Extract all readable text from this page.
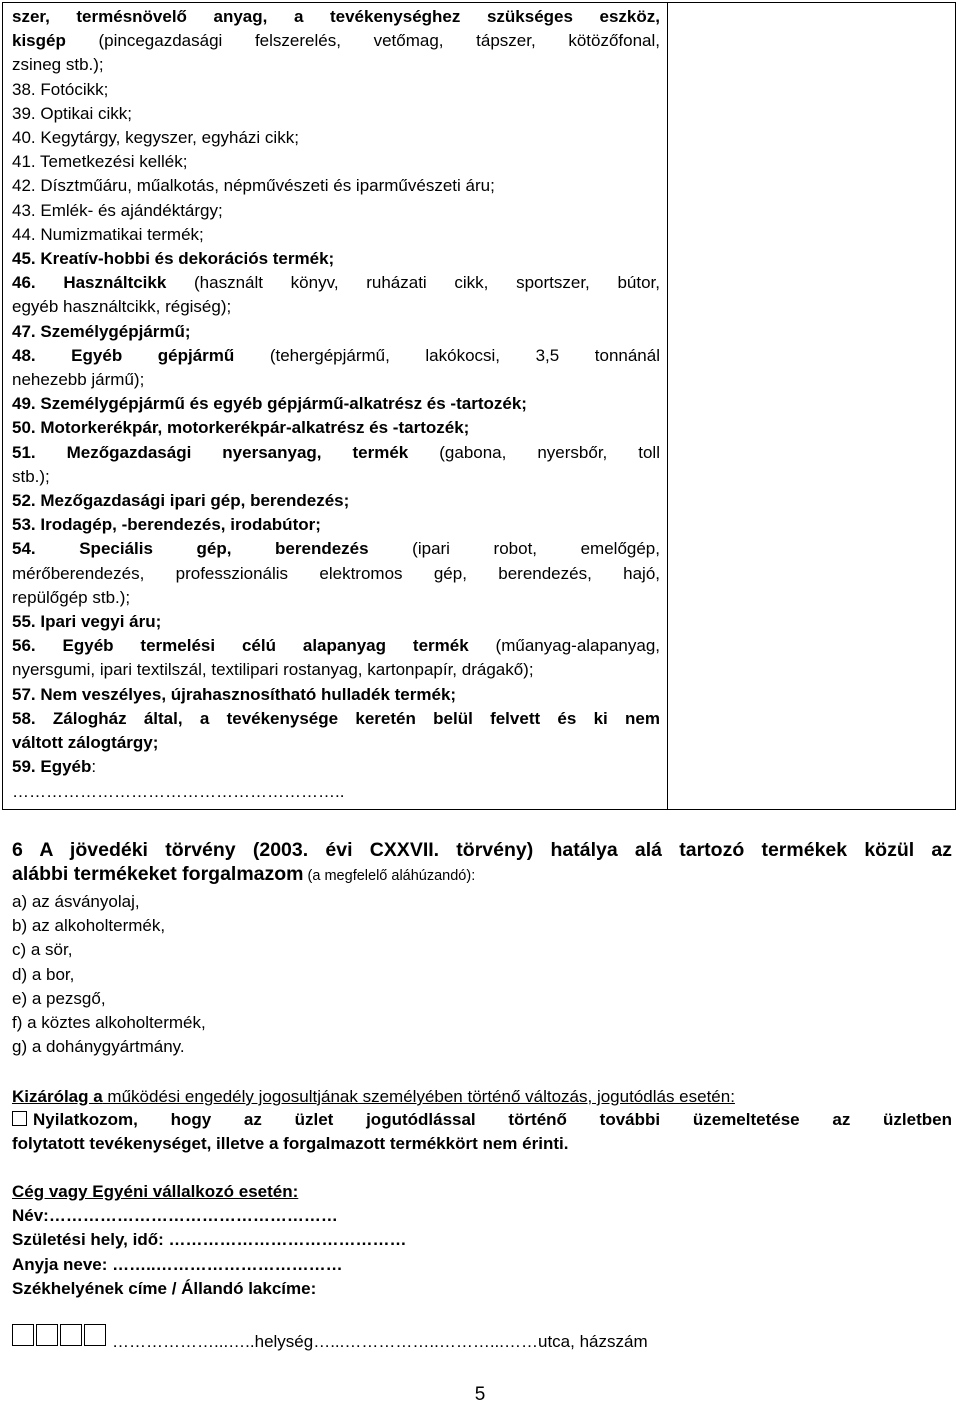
szer, termésnövelő anyag, a tevékenységhez szükséges eszköz,
kisgép (pincegazdasági felszerelés, vetőmag, tápszer, kötözőfonal,
zsineg stb.);
38. Fotócikk;
39. Optikai cikk;
40. Kegytárgy, kegyszer, egyházi cikk;
41. Temetkezési kellék;
42. Dísztműáru, műalkotás, népművészeti és iparművészeti áru;
43. Emlék- és ajándéktárgy;
44. Numizmatikai termék;
45. Kreatív-hobbi és dekorációs termék;
46. Használtcikk (használt könyv, ruházati cikk, sportszer, bútor,
egyéb használtcikk, régiség);
47. Személygépjármű;
48. Egyéb gépjármű (tehergépjármű, lakókocsi, 3,5 tonnánál
nehezebb jármű);
49. Személygépjármű és egyéb gépjármű-alkatrész és -tartozék;
50. Motorkerékpár, motorkerékpár-alkatrész és -tartozék;
51. Mezőgazdasági nyersanyag, termék (gabona, nyersbőr, toll
stb.);
52. Mezőgazdasági ipari gép, berendezés;
53. Irodagép, -berendezés, irodabútor;
54. Speciális gép, berendezés (ipari robot, emelőgép,
mérőberendezés, professzionális elektromos gép, berendezés, hajó,
repülőgép stb.);
55. Ipari vegyi áru;
56. Egyéb termelési célú alapanyag termék (műanyag-alapanyag,
nyersgumi, ipari textilszál, textilipari rostanyag, kartonpapír, drágakő);
57. Nem veszélyes, újrahasznosítható hulladék termék;
58. Zálogház által, a tevékenysége keretén belül felvett és ki nem
váltott zálogtárgy;
59. Egyéb:
…………………………………………………..
6 A jövedéki törvény (2003. évi CXXVII. törvény) hatálya alá tartozó termékek közül az
alábbi termékeket forgalmazom (a megfelelő aláhúzandó):
a) az ásványolaj,
b) az alkoholtermék,
c) a sör,
d) a bor,
e) a pezsgő,
f) a köztes alkoholtermék,
g) a dohánygyártmány.
Kizárólag a működési engedély jogosultjának személyében történő változás, jogutódlás esetén:
Nyilatkozom, hogy az üzlet jogutódlással történő további üzemeltetése az üzletben
folytatott tevékenységet, illetve a forgalmazott termékkört nem érinti.
Cég vagy Egyéni vállalkozó esetén:
Név:……………………………………………
Születési hely, idő: ……………………………………
Anyja neve: ……..……………………………
Székhelyének címe / Állandó lakcíme:
………………...…..helység…...……………..………...……utca, házszám
5
